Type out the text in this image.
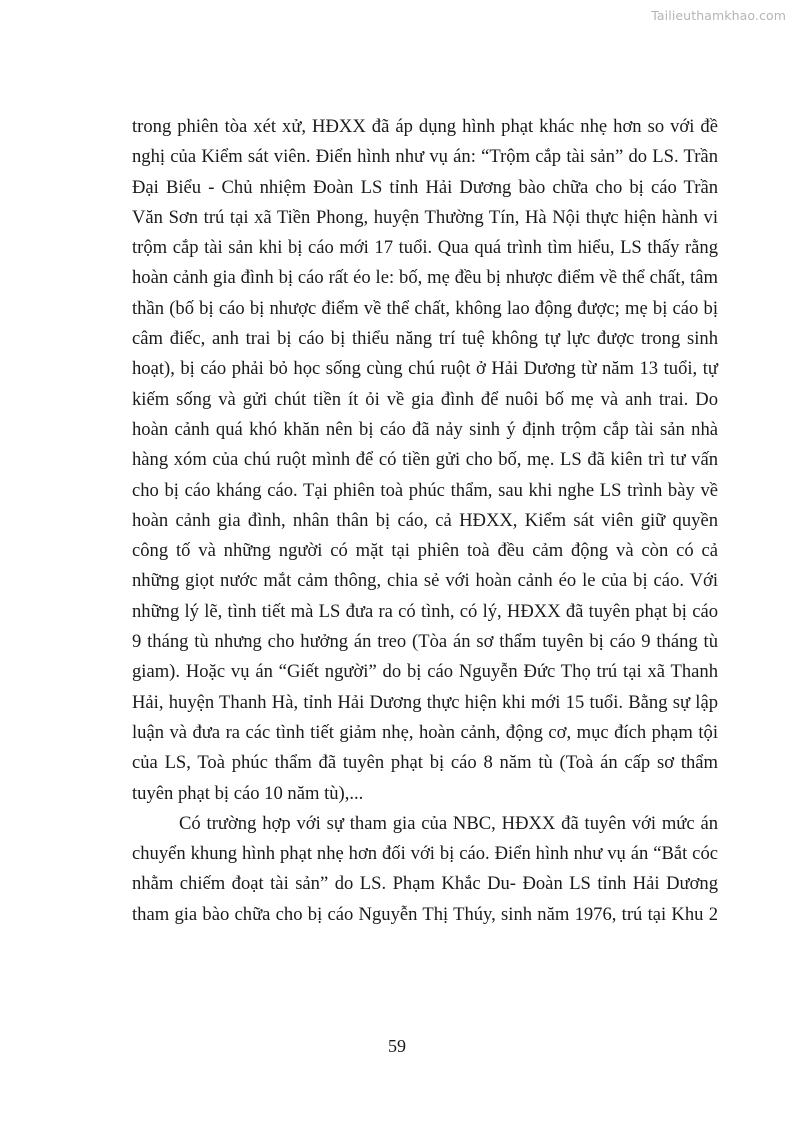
Tailieuthamkhao.com
trong phiên tòa xét xử, HĐXX đã áp dụng hình phạt khác nhẹ hơn so với đề
nghị của Kiểm sát viên. Điển hình như vụ án: “Trộm cắp tài sản” do LS. Trần
Đại Biểu - Chủ nhiệm Đoàn LS tỉnh Hải Dương bào chữa cho bị cáo Trần
Văn Sơn trú tại xã Tiền Phong, huyện Thường Tín, Hà Nội thực hiện hành vi
trộm cắp tài sản khi bị cáo mới 17 tuổi. Qua quá trình tìm hiểu, LS thấy rằng
hoàn cảnh gia đình bị cáo rất éo le: bố, mẹ đều bị nhược điểm về thể chất, tâm
thần (bố bị cáo bị nhược điểm về thể chất, không lao động được; mẹ bị cáo bị
câm điếc, anh trai bị cáo bị thiểu năng trí tuệ không tự lực được trong sinh
hoạt), bị cáo phải bỏ học sống cùng chú ruột ở Hải Dương từ năm 13 tuổi, tự
kiếm sống và gửi chút tiền ít ỏi về gia đình để nuôi bố mẹ và anh trai. Do
hoàn cảnh quá khó khăn nên bị cáo đã nảy sinh ý định trộm cắp tài sản nhà
hàng xóm của chú ruột mình để có tiền gửi cho bố, mẹ. LS đã kiên trì tư vấn
cho bị cáo kháng cáo. Tại phiên toà phúc thẩm, sau khi nghe LS trình bày về
hoàn cảnh gia đình, nhân thân bị cáo, cả HĐXX, Kiểm sát viên giữ quyền
công tố và những người có mặt tại phiên toà đều cảm động và còn có cả
những giọt nước mắt cảm thông, chia sẻ với hoàn cảnh éo le của bị cáo. Với
những lý lẽ, tình tiết mà LS đưa ra có tình, có lý, HĐXX đã tuyên phạt bị cáo
9 tháng tù nhưng cho hưởng án treo (Tòa án sơ thẩm tuyên bị cáo 9 tháng tù
giam). Hoặc vụ án “Giết người” do bị cáo Nguyễn Đức Thọ trú tại xã Thanh
Hải, huyện Thanh Hà, tỉnh Hải Dương thực hiện khi mới 15 tuổi. Bằng sự lập
luận và đưa ra các tình tiết giảm nhẹ, hoàn cảnh, động cơ, mục đích phạm tội
của LS, Toà phúc thẩm đã tuyên phạt bị cáo 8 năm tù (Toà án cấp sơ thẩm
tuyên phạt bị cáo 10 năm tù),...
Có trường hợp với sự tham gia của NBC, HĐXX đã tuyên với mức án
chuyển khung hình phạt nhẹ hơn đối với bị cáo. Điển hình như vụ án “Bắt cóc
nhằm chiếm đoạt tài sản” do LS. Phạm Khắc Du- Đoàn LS tỉnh Hải Dương
tham gia bào chữa cho bị cáo Nguyễn Thị Thúy, sinh năm 1976, trú tại Khu 2
59
